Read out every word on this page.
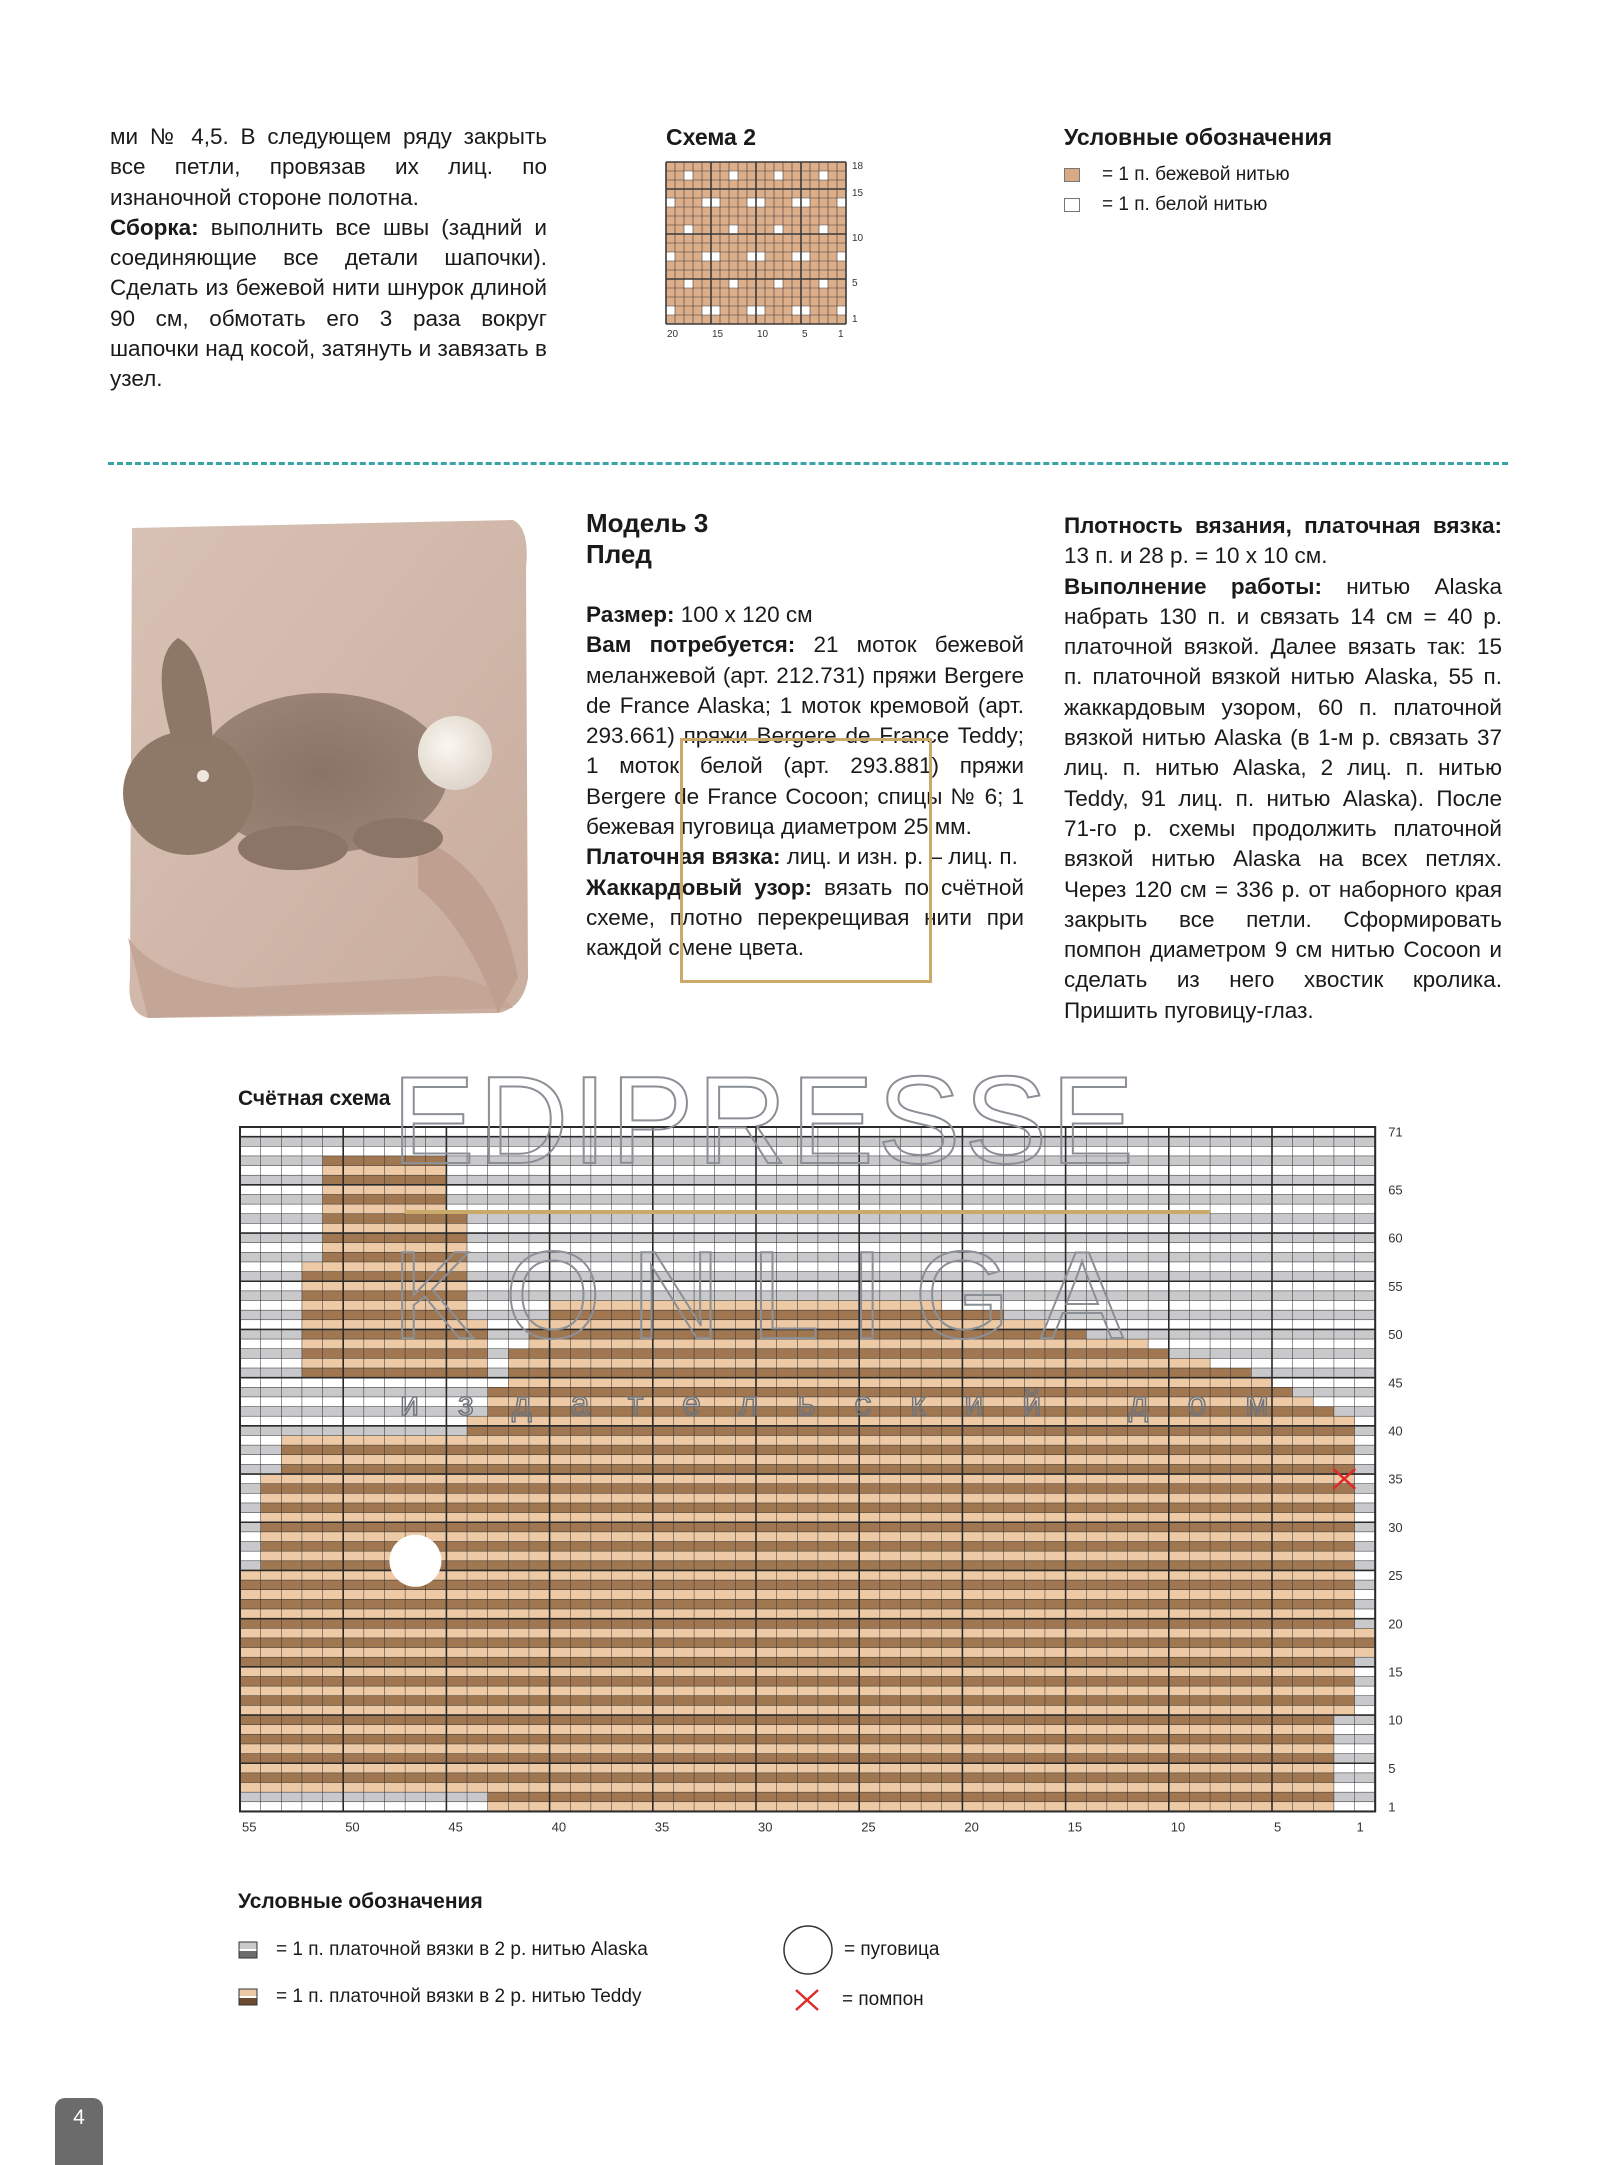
ми № 4,5. В следующем ряду закрыть все петли, провязав их лиц. по изнаночной стороне полотна.

Сборка: выполнить все швы (задний и соединяющие все детали шапочки). Сделать из бежевой нити шнурок длиной 90 см, обмотать его 3 раза вокруг шапочки над косой, затянуть и завязать в узел.

Схема 2
18
15
10
5
1
20	15	10	5	1
Условные обозначения
= 1 п. бежевой нитью
= 1 п. белой нитью
Модель 3
Плед

Размер: 100 х 120 см

Вам потребуется: 21 моток бежевой меланжевой (арт. 212.731) пряжи Bergere de France Alaska; 1 моток кремовой (арт. 293.661) пряжи Bergere de France Teddy; 1 моток белой (арт. 293.881) пряжи Bergere de France Cocoon; спицы № 6; 1 бежевая пуговица диаметром 25 мм.

Платочная вязка: лиц. и изн. р. – лиц. п.

Жаккардовый узор: вязать по счётной схеме, плотно перекрещивая нити при каждой смене цвета.

Плотность вязания, платочная вязка: 13 п. и 28 р. = 10 х 10 см.

Выполнение работы: нитью Alaska набрать 130 п. и связать 14 см = 40 р. платочной вязкой. Далее вязать так: 15 п. платочной вязкой нитью Alaska, 55 п. жаккардовым узором, 60 п. платочной вязкой нитью Alaska (в 1-м р. связать 37 лиц. п. нитью Alaska, 2 лиц. п. нитью Teddy, 91 лиц. п. нитью Alaska). После 71-го р. схемы продолжить платочной вязкой нитью Alaska на всех петлях. Через 120 см = 336 р. от наборного края закрыть все петли. Сформировать помпон диаметром 9 см нитью Cocoon и сделать из него хвостик кролика. Пришить пуговицу-глаз.

Счётная схема
71
65
60
55
50
45
40
35
30
25
20
15
10
5
1
55	50	45	40	35	30	25	20	15	10	5	1
EDIPRESSE
Условные обозначения
= 1 п. платочной вязки в 2 р. нитью Alaska
= 1 п. платочной вязки в 2 р. нитью Teddy
= пуговица
= помпон
4
